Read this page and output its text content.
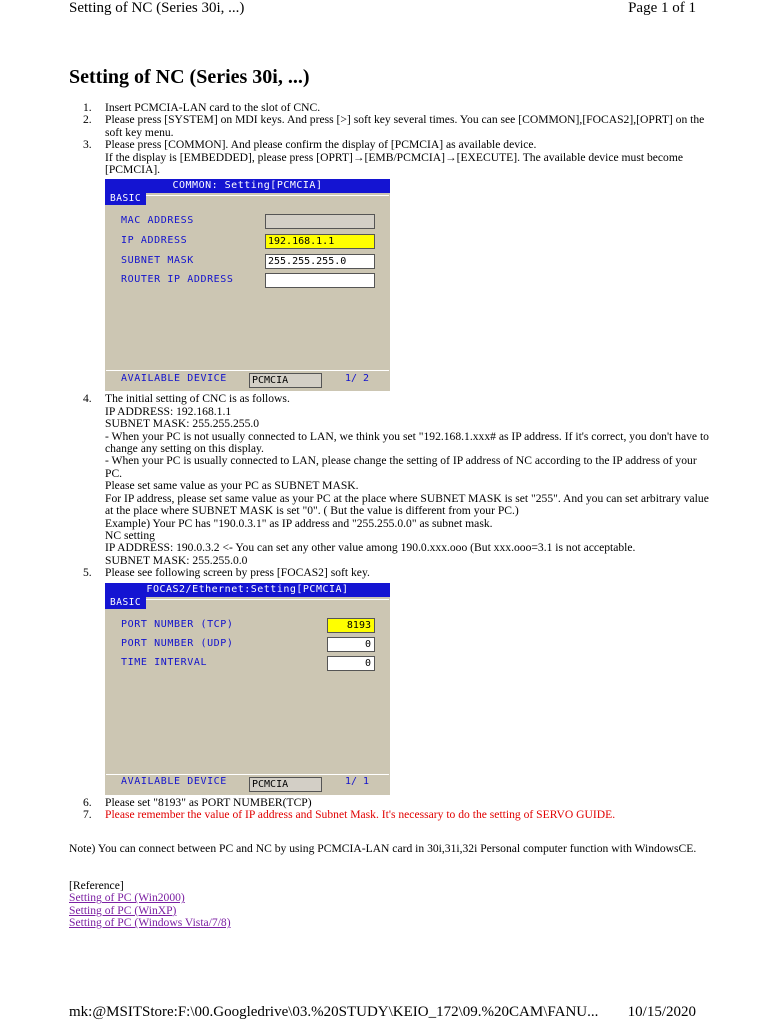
Setting of NC (Series 30i, ...)	Page 1 of 1
Setting of NC (Series 30i, ...)
1. Insert PCMCIA-LAN card to the slot of CNC.

2. Please press [SYSTEM] on MDI keys. And press [>] soft key several times. You can see [COMMON],[FOCAS2],[OPRT] on the soft key menu.

3. Please press [COMMON]. And please confirm the display of [PCMCIA] as available device.

If the display is [EMBEDDED], please press [OPRT]→[EMB/PCMCIA]→[EXECUTE]. The available device must become [PCMCIA].

COMMON: Setting[PCMCIA]
BASIC
MAC ADDRESS
IP ADDRESS	192.168.1.1
SUBNET MASK	255.255.255.0
ROUTER IP ADDRESS
AVAILABLE DEVICE	PCMCIA	1/ 2
4. The initial setting of CNC is as follows.

IP ADDRESS: 192.168.1.1

SUBNET MASK: 255.255.255.0

- When your PC is not usually connected to LAN, we think you set "192.168.1.xxx# as IP address. If it's correct, you don't have to change any setting on this display.

- When your PC is usually connected to LAN, please change the setting of IP address of NC according to the IP address of your PC.

Please set same value as your PC as SUBNET MASK.

For IP address, please set same value as your PC at the place where SUBNET MASK is set "255". And you can set arbitrary value at the place where SUBNET MASK is set "0". ( But the value is different from your PC.)

Example) Your PC has "190.0.3.1" as IP address and "255.255.0.0" as subnet mask.

NC setting

IP ADDRESS: 190.0.3.2 <- You can set any other value among 190.0.xxx.ooo (But xxx.ooo=3.1 is not acceptable.

SUBNET MASK: 255.255.0.0

5. Please see following screen by press [FOCAS2] soft key.

FOCAS2/Ethernet:Setting[PCMCIA]
BASIC
PORT NUMBER (TCP)	8193
PORT NUMBER (UDP)	0
TIME INTERVAL	0
AVAILABLE DEVICE	PCMCIA	1/ 1
6. Please set "8193" as PORT NUMBER(TCP)

7. Please remember the value of IP address and Subnet Mask. It's necessary to do the setting of SERVO GUIDE.

Note) You can connect between PC and NC by using PCMCIA-LAN card in 30i,31i,32i Personal computer function with WindowsCE.

[Reference]
Setting of PC (Win2000)
Setting of PC (WinXP)
Setting of PC (Windows Vista/7/8)
mk:@MSITStore:F:\00.Googledrive\03.%20STUDY\KEIO_172\09.%20CAM\FANU... 10/15/2020
